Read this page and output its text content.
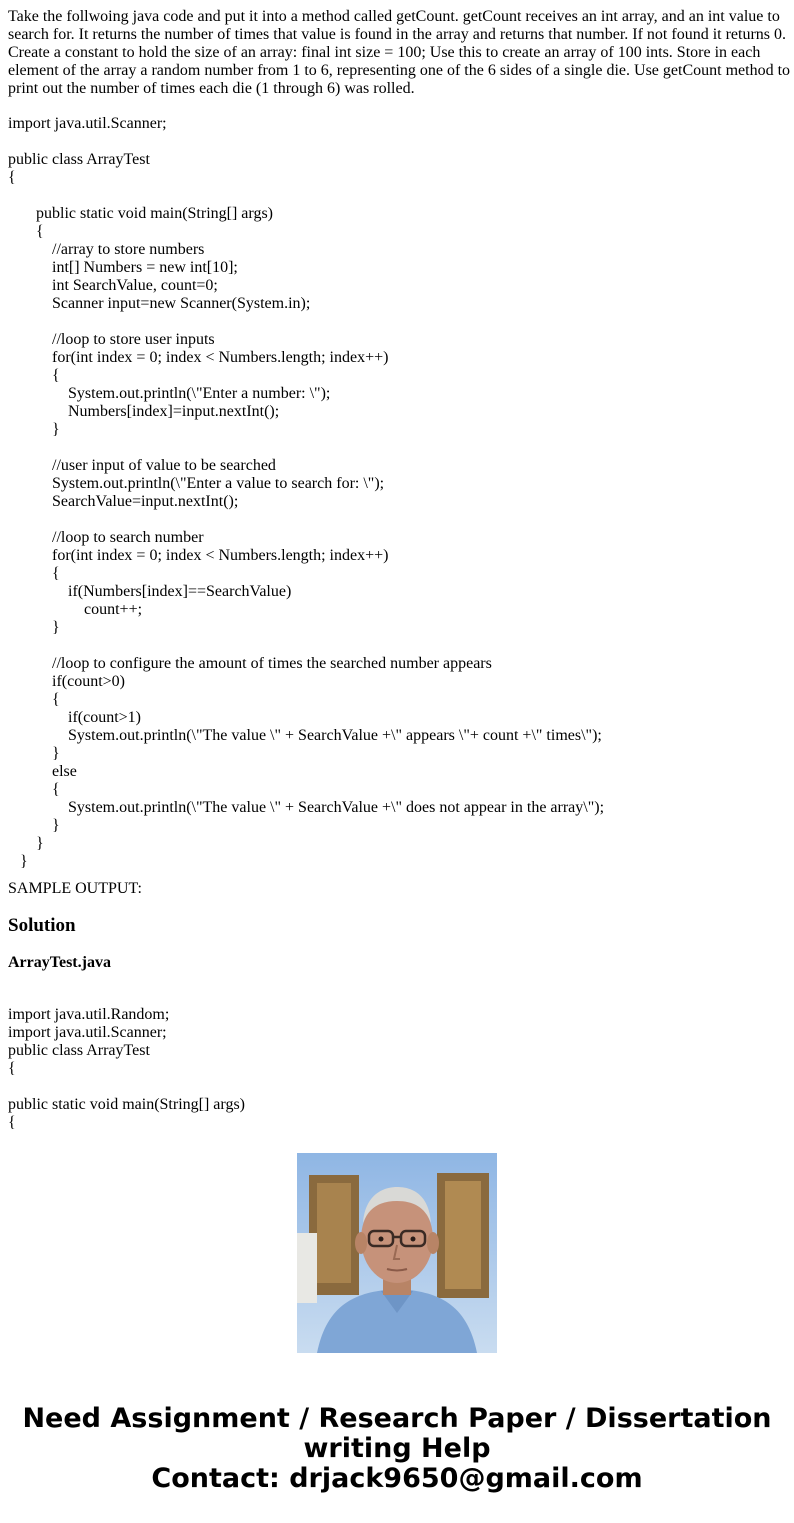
Take the follwoing java code and put it into a method called getCount. getCount receives an int array, and an int value to search for. It returns the number of times that value is found in the array and returns that number. If not found it returns 0. Create a constant to hold the size of an array: final int size = 100; Use this to create an array of 100 ints. Store in each element of the array a random number from 1 to 6, representing one of the 6 sides of a single die. Use getCount method to print out the number of times each die (1 through 6) was rolled.

import java.util.Scanner;

public class ArrayTest
{

public static void main(String[] args)
{
//array to store numbers
int[] Numbers = new int[10];
int SearchValue, count=0;
Scanner input=new Scanner(System.in);

//loop to store user inputs
for(int index = 0; index < Numbers.length; index++)
{
System.out.println(\"Enter a number: \");
Numbers[index]=input.nextInt();
}

//user input of value to be searched
System.out.println(\"Enter a value to search for: \");
SearchValue=input.nextInt();

//loop to search number
for(int index = 0; index < Numbers.length; index++)
{
if(Numbers[index]==SearchValue)
count++;
}

//loop to configure the amount of times the searched number appears
if(count>0)
{
if(count>1)
System.out.println(\"The value \" + SearchValue +\" appears \"+ count +\" times\");
}
else
{
System.out.println(\"The value \" + SearchValue +\" does not appear in the array\");
}
}
}
SAMPLE OUTPUT:
Solution
ArrayTest.java
import java.util.Random;
import java.util.Scanner;
public class ArrayTest
{

public static void main(String[] args)
{
Need Assignment / Research Paper / Dissertation
writing Help
Contact: drjack9650@gmail.com
